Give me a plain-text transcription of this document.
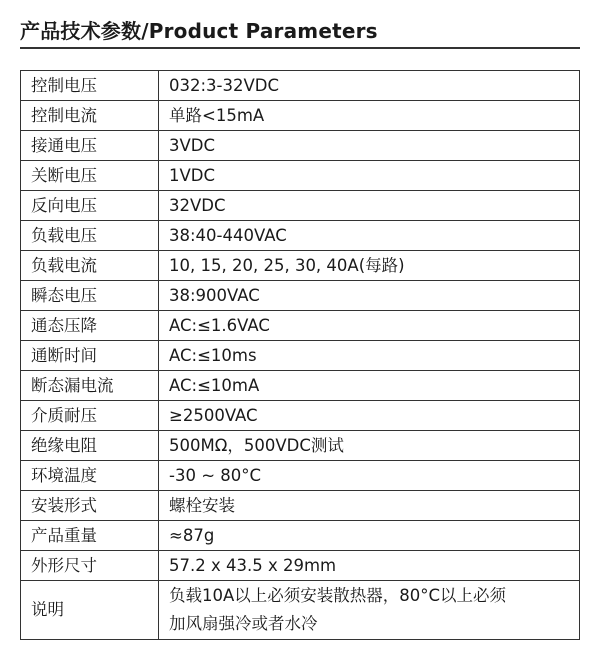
产品技术参数/Product Parameters
控制电压	032:3-32VDC
控制电流	单路<15mA
接通电压	3VDC
关断电压	1VDC
反向电压	32VDC
负载电压	38:40-440VAC
负载电流	10, 15, 20, 25, 30, 40A(每路)
瞬态电压	38:900VAC
通态压降	AC:≤1.6VAC
通断时间	AC:≤10ms
断态漏电流	AC:≤10mA
介质耐压	≥2500VAC
绝缘电阻	500MΩ，500VDC测试
环境温度	-30 ~ 80°C
安装形式	螺栓安装
产品重量	≈87g
外形尺寸	57.2 x 43.5 x 29mm
说明	负载10A以上必须安装散热器，80°C以上必须
加风扇强冷或者水冷
